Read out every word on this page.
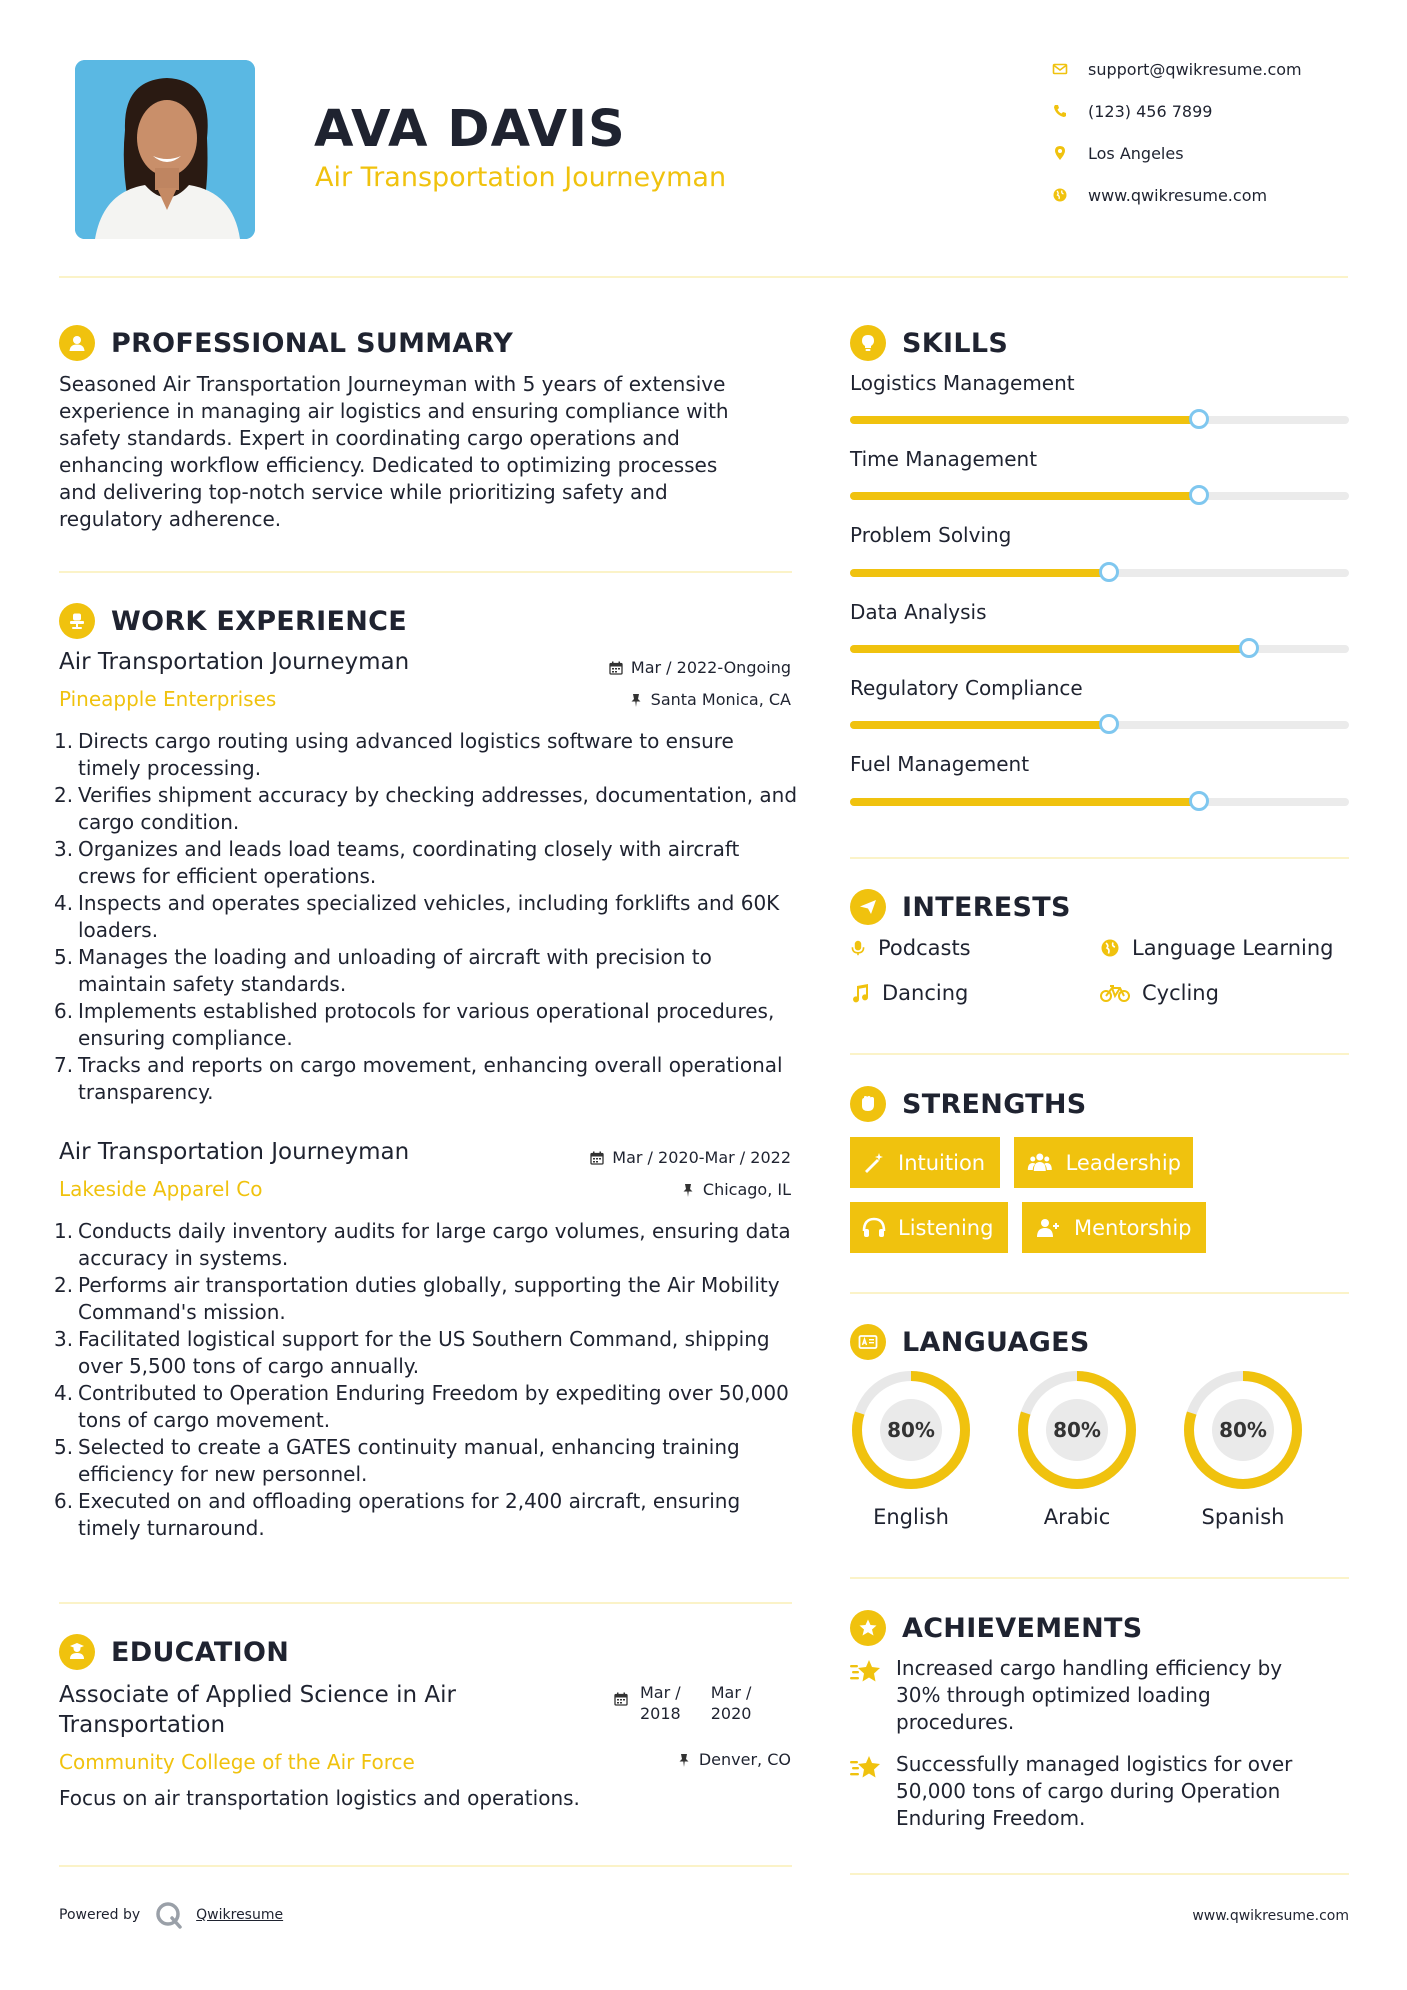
AVA DAVIS
Air Transportation Journeyman
support@qwikresume.com
(123) 456 7899
Los Angeles
www.qwikresume.com
PROFESSIONAL SUMMARY
Seasoned Air Transportation Journeyman with 5 years of extensive
experience in managing air logistics and ensuring compliance with
safety standards. Expert in coordinating cargo operations and
enhancing workflow efficiency. Dedicated to optimizing processes
and delivering top-notch service while prioritizing safety and
regulatory adherence.
WORK EXPERIENCE
Air Transportation Journeyman
Pineapple Enterprises
Mar / 2022-Ongoing
Santa Monica, CA
Directs cargo routing using advanced logistics software to ensure timely processing.
Verifies shipment accuracy by checking addresses, documentation, and cargo condition.
Organizes and leads load teams, coordinating closely with aircraft crews for efficient operations.
Inspects and operates specialized vehicles, including forklifts and 60K loaders.
Manages the loading and unloading of aircraft with precision to maintain safety standards.
Implements established protocols for various operational procedures, ensuring compliance.
Tracks and reports on cargo movement, enhancing overall operational transparency.
Air Transportation Journeyman
Lakeside Apparel Co
Mar / 2020-Mar / 2022
Chicago, IL
Conducts daily inventory audits for large cargo volumes, ensuring data accuracy in systems.
Performs air transportation duties globally, supporting the Air Mobility Command's mission.
Facilitated logistical support for the US Southern Command, shipping over 5,500 tons of cargo annually.
Contributed to Operation Enduring Freedom by expediting over 50,000 tons of cargo movement.
Selected to create a GATES continuity manual, enhancing training efficiency for new personnel.
Executed on and offloading operations for 2,400 aircraft, ensuring timely turnaround.
EDUCATION
Associate of Applied Science in Air
Transportation
Community College of the Air Force
Mar /
2018
Mar /
2020
Denver, CO
Focus on air transportation logistics and operations.
SKILLS
Logistics Management
Time Management
Problem Solving
Data Analysis
Regulatory Compliance
Fuel Management
INTERESTS
Podcasts	Language Learning
Dancing	Cycling
STRENGTHS
Intuition	Leadership
Listening	Mentorship
LANGUAGES
80%
English
80%
Arabic
80%
Spanish
ACHIEVEMENTS
Increased cargo handling efficiency by
30% through optimized loading
procedures.
Successfully managed logistics for over
50,000 tons of cargo during Operation
Enduring Freedom.
Powered by	Qwikresume	www.qwikresume.com
